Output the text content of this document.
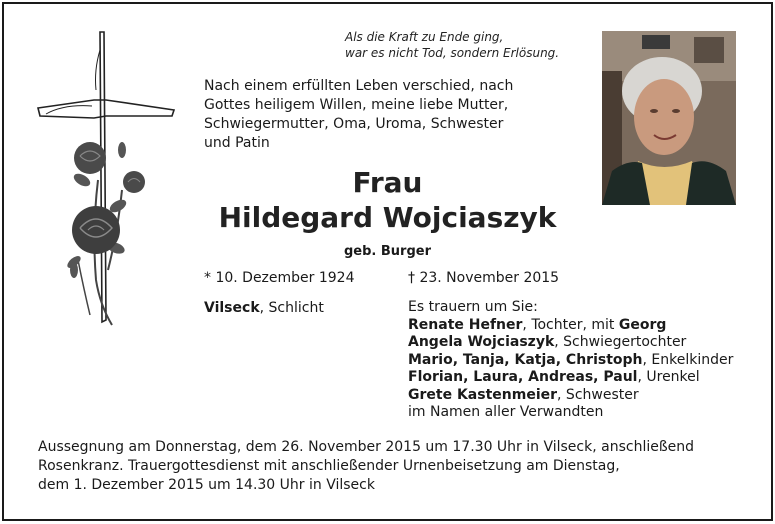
Als die Kraft zu Ende ging,
war es nicht Tod, sondern Erlösung.
Nach einem erfüllten Leben verschied, nach
Gottes heiligem Willen, meine liebe Mutter,
Schwiegermutter, Oma, Uroma, Schwester
und Patin
Frau
Hildegard Wojciaszyk
geb. Burger
* 10. Dezember 1924	† 23. November 2015
Vilseck, Schlicht	Es trauern um Sie:
Renate Hefner, Tochter, mit Georg
Angela Wojciaszyk, Schwiegertochter
Mario, Tanja, Katja, Christoph, Enkelkinder
Florian, Laura, Andreas, Paul, Urenkel
Grete Kastenmeier, Schwester
im Namen aller Verwandten
Aussegnung am Donnerstag, dem 26. November 2015 um 17.30 Uhr in Vilseck, anschließend
Rosenkranz. Trauergottesdienst mit anschließender Urnenbeisetzung am Dienstag,
dem 1. Dezember 2015 um 14.30 Uhr in Vilseck
